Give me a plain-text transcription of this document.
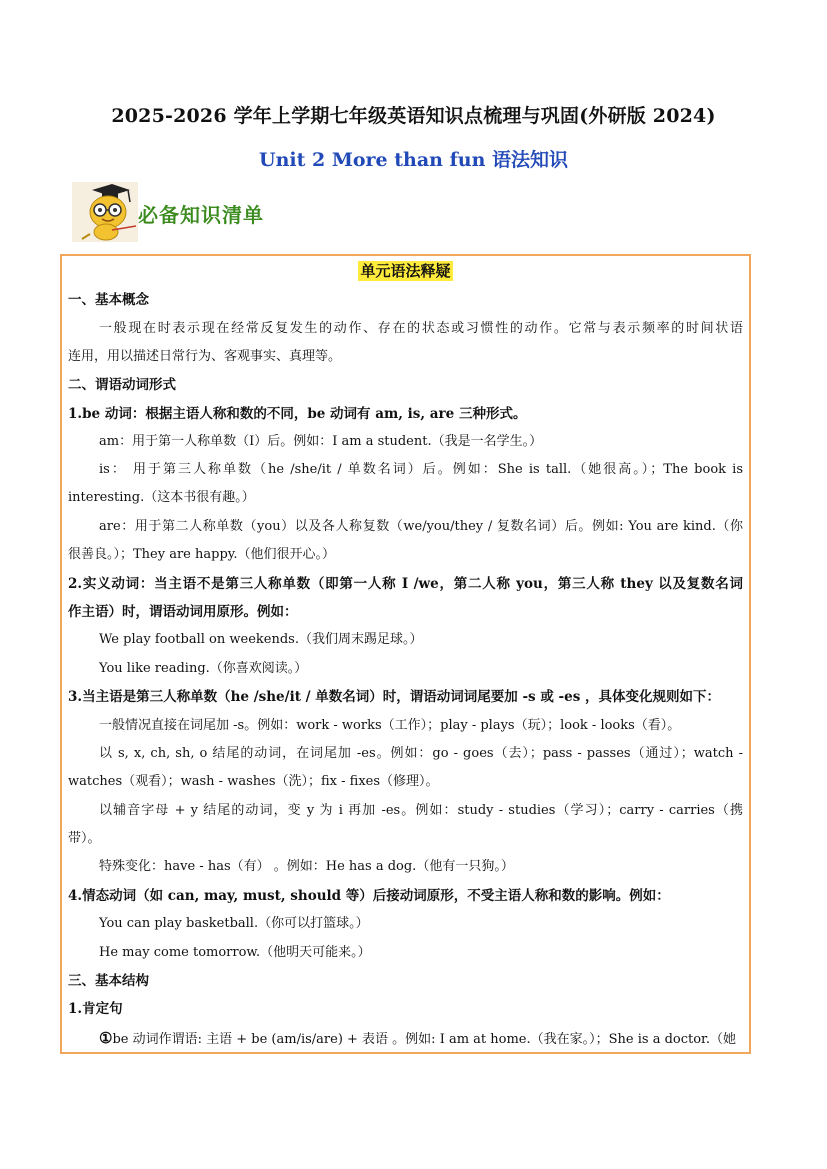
2025-2026 学年上学期七年级英语知识点梳理与巩固(外研版 2024)
Unit 2 More than fun 语法知识
必备知识清单
单元语法释疑
一、基本概念
一般现在时表示现在经常反复发生的动作、存在的状态或习惯性的动作。它常与表示频率的时间状语
连用，用以描述日常行为、客观事实、真理等。
二、谓语动词形式
1.be 动词：根据主语人称和数的不同，be 动词有 am, is, are 三种形式。
am：用于第一人称单数（I）后。例如：I am a student.（我是一名学生。）
is： 用于第三人称单数（he /she/it / 单数名词）后。例如：She is tall.（她很高。）；The book is
interesting.（这本书很有趣。）
are：用于第二人称单数（you）以及各人称复数（we/you/they / 复数名词）后。例如: You are kind.（你
很善良。）；They are happy.（他们很开心。）
2.实义动词：当主语不是第三人称单数（即第一人称 I /we，第二人称 you，第三人称 they 以及复数名词
作主语）时，谓语动词用原形。例如：
We play football on weekends.（我们周末踢足球。）
You like reading.（你喜欢阅读。）
3.当主语是第三人称单数（he /she/it / 单数名词）时，谓语动词词尾要加 -s 或 -es ，具体变化规则如下：
一般情况直接在词尾加 -s。例如：work - works（工作）；play - plays（玩）；look - looks（看）。
以 s, x, ch, sh, o 结尾的动词，在词尾加 -es。例如：go - goes（去）；pass - passes（通过）；watch -
watches（观看）；wash - washes（洗）；fix - fixes（修理）。
以辅音字母 + y 结尾的动词，变 y 为 i 再加 -es。例如：study - studies（学习）；carry - carries（携
带）。
特殊变化：have - has（有） 。例如：He has a dog.（他有一只狗。）
4.情态动词（如 can, may, must, should 等）后接动词原形，不受主语人称和数的影响。例如：
You can play basketball.（你可以打篮球。）
He may come tomorrow.（他明天可能来。）
三、基本结构
1.肯定句
①be 动词作谓语: 主语 + be (am/is/are) + 表语 。例如: I am at home.（我在家。）；She is a doctor.（她
